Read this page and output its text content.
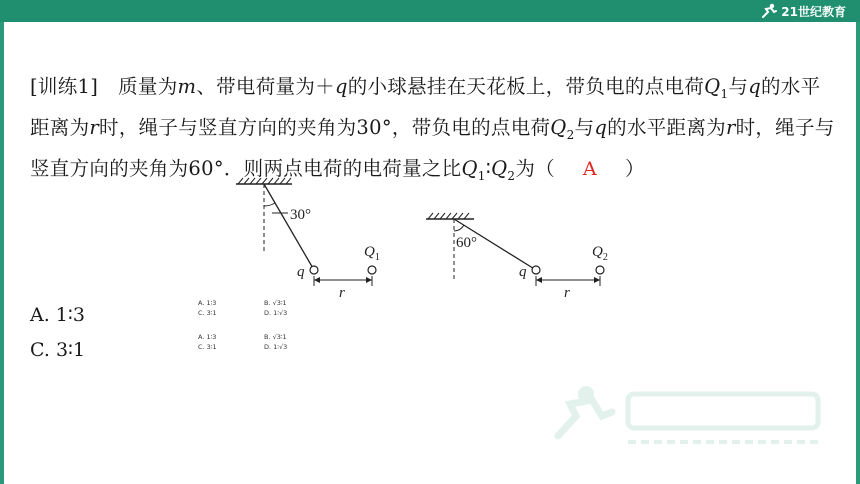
21世纪教育
[训练1] 质量为m、带电荷量为＋q的小球悬挂在天花板上，带负电的点电荷$Q_1$与q的水平距离为r时，绳子与竖直方向的夹角为30°，带负电的点电荷$Q_2$与q的水平距离为r时，绳子与竖直方向的夹角为60°．则两点电荷的电荷量之比$Q_1∶Q_2$为（ A ）
30°
q
$Q_1$
r
60°
q
$Q_2$
r
A. 1∶3
C. 3∶1
A. 1∶3	B. √3∶1
C. 3∶1	D. 1∶√3
A. 1∶3	B. √3∶1
C. 3∶1	D. 1∶√3
